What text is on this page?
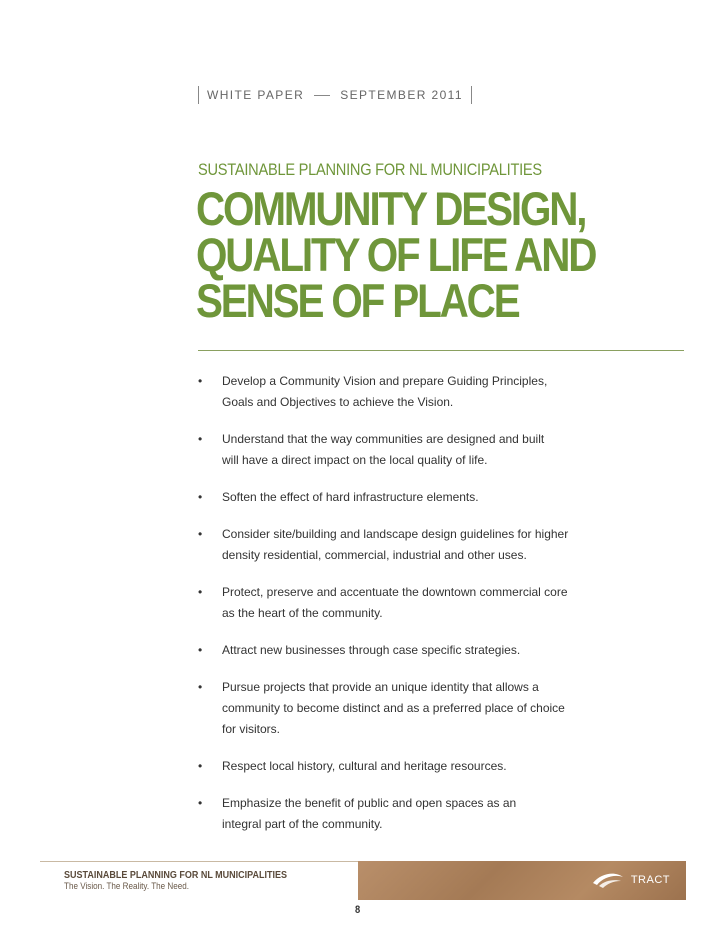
WHITE PAPER	SEPTEMBER 2011
SUSTAINABLE PLANNING FOR NL MUNICIPALITIES
COMMUNITY DESIGN,
QUALITY OF LIFE AND
SENSE OF PLACE
• Develop a Community Vision and prepare Guiding Principles, Goals and Objectives to achieve the Vision.
• Understand that the way communities are designed and built will have a direct impact on the local quality of life.
• Soften the effect of hard infrastructure elements.
• Consider site/building and landscape design guidelines for higher density residential, commercial, industrial and other uses.
• Protect, preserve and accentuate the downtown commercial core as the heart of the community.
• Attract new businesses through case specific strategies.
• Pursue projects that provide an unique identity that allows a community to become distinct and as a preferred place of choice for visitors.
• Respect local history, cultural and heritage resources.
• Emphasize the benefit of public and open spaces as an integral part of the community.
SUSTAINABLE PLANNING FOR NL MUNICIPALITIES
The Vision. The Reality. The Need.	TRACT
8
